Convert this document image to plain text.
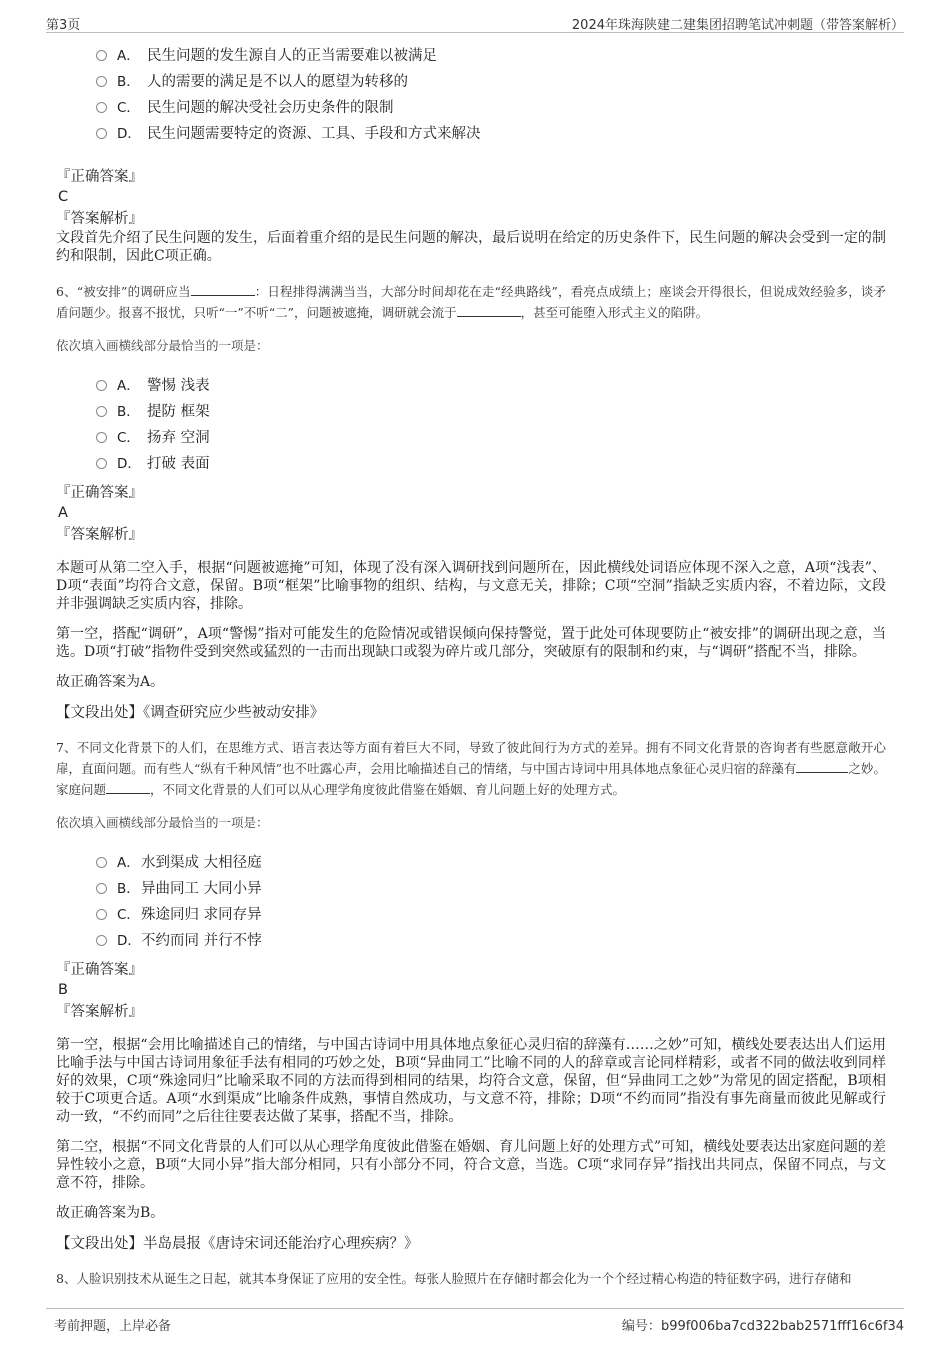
第3页	2024年珠海陕建二建集团招聘笔试冲刺题（带答案解析）
A． 民生问题的发生源自人的正当需要难以被满足
B． 人的需要的满足是不以人的愿望为转移的
C． 民生问题的解决受社会历史条件的限制
D． 民生问题需要特定的资源、工具、手段和方式来解决

『正确答案』

C

『答案解析』

文段首先介绍了民生问题的发生，后面着重介绍的是民生问题的解决，最后说明在给定的历史条件下，民生问题的解决会受到一定的制约和限制，因此C项正确。

6、“被安排”的调研应当	：日程排得满满当当，大部分时间却花在走“经典路线”，看亮点成绩上；座谈会开得很长，但说成效经验多，谈矛盾问题少。报喜不报忧，只听“一”不听“二”，问题被遮掩，调研就会流于	，甚至可能堕入形式主义的陷阱。

依次填入画横线部分最恰当的一项是：

A． 警惕 浅表
B． 提防 框架
C． 扬弃 空洞
D． 打破 表面

『正确答案』

A

『答案解析』

本题可从第二空入手，根据“问题被遮掩”可知，体现了没有深入调研找到问题所在，因此横线处词语应体现不深入之意，A项“浅表”、D项“表面”均符合文意，保留。B项“框架”比喻事物的组织、结构，与文意无关，排除；C项“空洞”指缺乏实质内容，不着边际，文段并非强调缺乏实质内容，排除。

第一空，搭配“调研”，A项“警惕”指对可能发生的危险情况或错误倾向保持警觉，置于此处可体现要防止“被安排”的调研出现之意，当选。D项“打破”指物件受到突然或猛烈的一击而出现缺口或裂为碎片或几部分，突破原有的限制和约束，与“调研”搭配不当，排除。

故正确答案为A。

【文段出处】《调查研究应少些被动安排》

7、不同文化背景下的人们，在思维方式、语言表达等方面有着巨大不同，导致了彼此间行为方式的差异。拥有不同文化背景的咨询者有些愿意敞开心扉，直面问题。而有些人“纵有千种风情”也不吐露心声，会用比喻描述自己的情绪，与中国古诗词中用具体地点象征心灵归宿的辞藻有	之妙。家庭问题	，不同文化背景的人们可以从心理学角度彼此借鉴在婚姻、育儿问题上好的处理方式。

依次填入画横线部分最恰当的一项是：

A．水到渠成 大相径庭
B．异曲同工 大同小异
C．殊途同归 求同存异
D．不约而同 并行不悖

『正确答案』

B

『答案解析』

第一空，根据“会用比喻描述自己的情绪，与中国古诗词中用具体地点象征心灵归宿的辞藻有……之妙”可知，横线处要表达出人们运用比喻手法与中国古诗词用象征手法有相同的巧妙之处，B项“异曲同工”比喻不同的人的辞章或言论同样精彩，或者不同的做法收到同样好的效果，C项“殊途同归”比喻采取不同的方法而得到相同的结果，均符合文意，保留，但“异曲同工之妙”为常见的固定搭配，B项相较于C项更合适。A项“水到渠成”比喻条件成熟，事情自然成功，与文意不符，排除；D项“不约而同”指没有事先商量而彼此见解或行动一致，“不约而同”之后往往要表达做了某事，搭配不当，排除。

第二空，根据“不同文化背景的人们可以从心理学角度彼此借鉴在婚姻、育儿问题上好的处理方式”可知，横线处要表达出家庭问题的差异性较小之意，B项“大同小异”指大部分相同，只有小部分不同，符合文意，当选。C项“求同存异”指找出共同点，保留不同点，与文意不符，排除。

故正确答案为B。

【文段出处】半岛晨报《唐诗宋词还能治疗心理疾病？》

8、人脸识别技术从诞生之日起，就其本身保证了应用的安全性。每张人脸照片在存储时都会化为一个个经过精心构造的特征数字码，进行存储和

考前押题，上岸必备	编号：b99f006ba7cd322bab2571fff16c6f34
